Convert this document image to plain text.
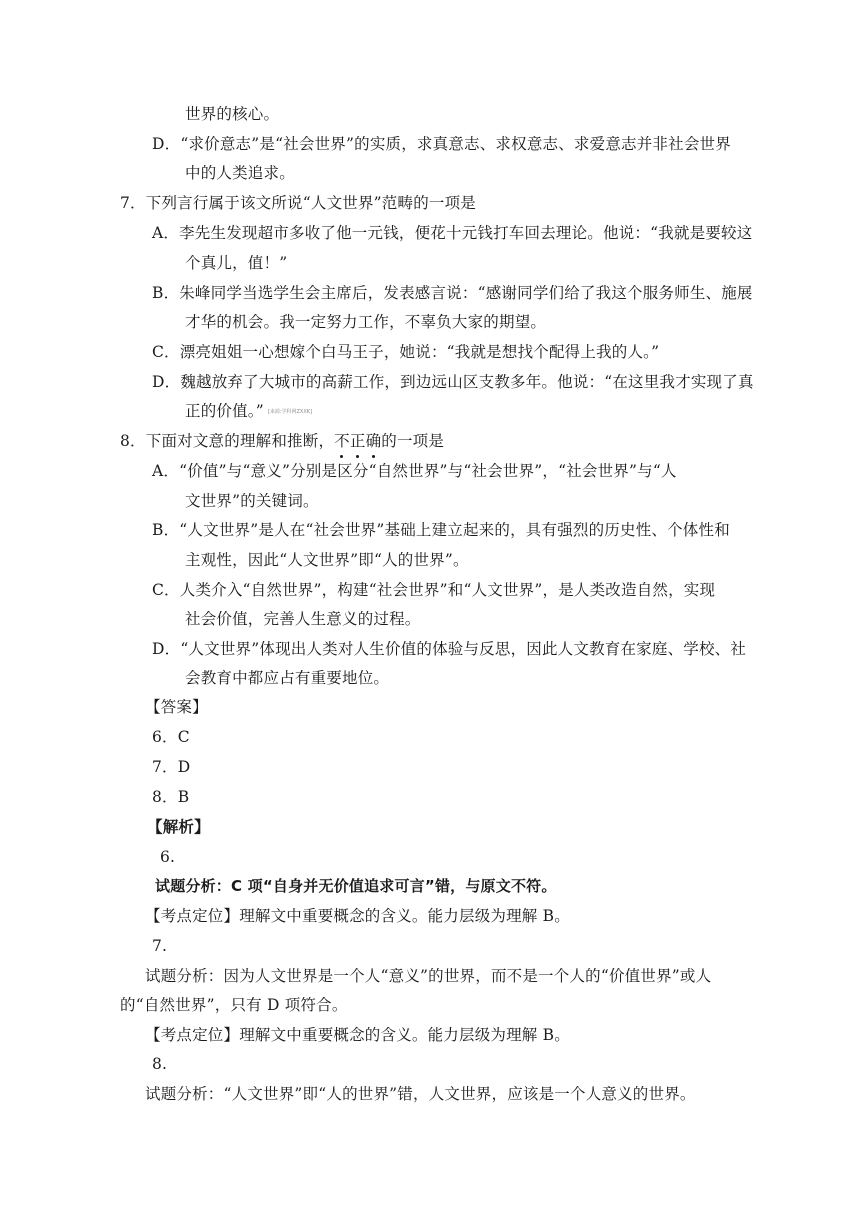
世界的核心。
D．“求价意志”是“社会世界”的实质，求真意志、求权意志、求爱意志并非社会世界
中的人类追求。
7．下列言行属于该文所说“人文世界”范畴的一项是
A．李先生发现超市多收了他一元钱，便花十元钱打车回去理论。他说：“我就是要较这
个真儿，值！”
B．朱峰同学当选学生会主席后，发表感言说：“感谢同学们给了我这个服务师生、施展
才华的机会。我一定努力工作，不辜负大家的期望。
C．漂亮姐姐一心想嫁个白马王子，她说：“我就是想找个配得上我的人。”
D．魏越放弃了大城市的高薪工作，到边远山区支教多年。他说：“在这里我才实现了真
正的价值。” [来源:学科网ZXXK]
8．下面对文意的理解和推断，不正确
的一项是
A．“价值”与“意义”分别是区分“自然世界”与“社会世界”，“社会世界”与“人
文世界”的关键词。
B．“人文世界”是人在“社会世界”基础上建立起来的，具有强烈的历史性、个体性和
主观性，因此“人文世界”即“人的世界”。
C．人类介入“自然世界”，构建“社会世界”和“人文世界”，是人类改造自然，实现
社会价值，完善人生意义的过程。
D．“人文世界”体现出人类对人生价值的体验与反思，因此人文教育在家庭、学校、社
会教育中都应占有重要地位。
【答案】
6．C
7．D
8．B
【解析】
6.
试题分析：C 项“自身并无价值追求可言”错，与原文不符。
【考点定位】理解文中重要概念的含义。能力层级为理解 B。
7.
试题分析：因为人文世界是一个人“意义”的世界，而不是一个人的“价值世界”或人
的“自然世界”，只有 D 项符合。
【考点定位】理解文中重要概念的含义。能力层级为理解 B。
8.
试题分析：“人文世界”即“人的世界”错，人文世界，应该是一个人意义的世界。
